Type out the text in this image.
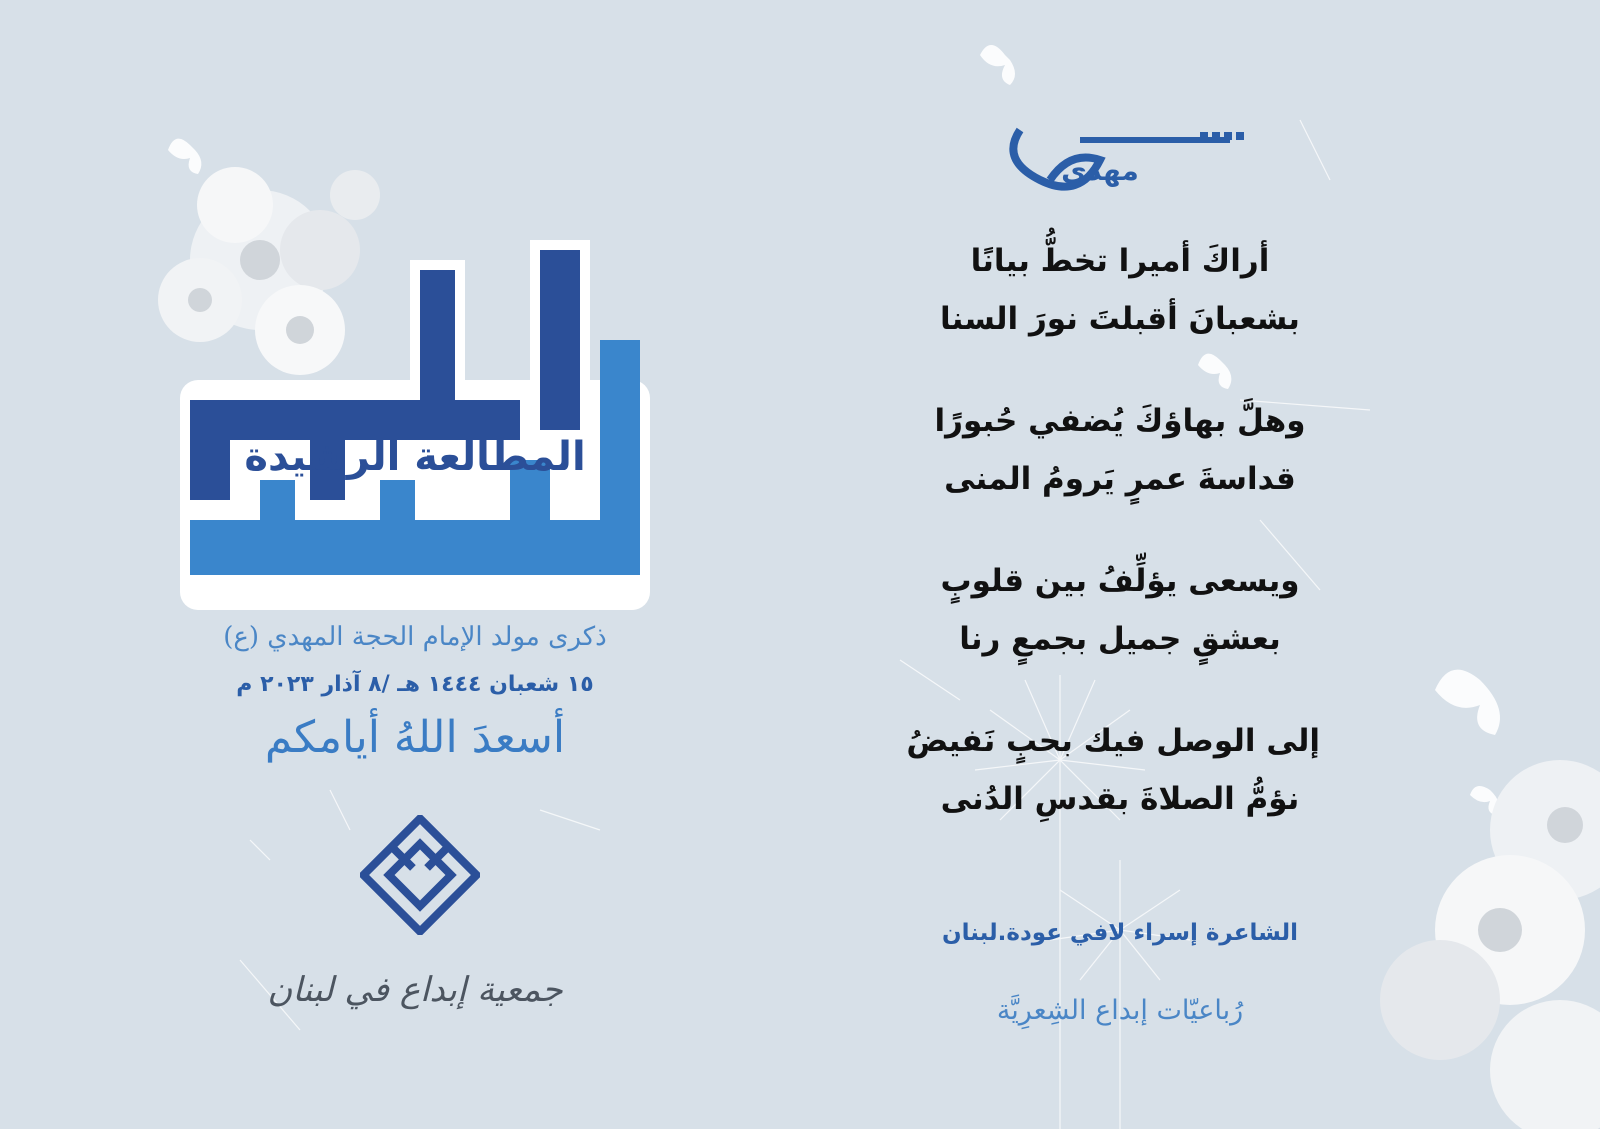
المطالعة الرشيدة
ذكرى مولد الإمام الحجة المهدي (ع)
١٥ شعبان ١٤٤٤ هـ /٨ آذار ٢٠٢٣ م
أسعدَ اللهُ أيامكم
جمعية إبداع في لبنان
مهدي
أراكَ أميرا تخطُّ بيانًا
بشعبانَ أقبلتَ نورَ السنا
وهلَّ بهاؤكَ يُضفي حُبورًا
قداسةَ عمرٍ يَرومُ المنى
ويسعى يؤلِّفُ بين قلوبٍ
بعشقٍ جميل بجمعٍ رنا
إلى الوصل فيك بحبٍ نَفيضُ
نؤمُّ الصلاةَ بقدسِ الدُنى
الشاعرة إسراء لافي عودة.لبنان
رُباعيّات إبداع الشِعرِيَّة
